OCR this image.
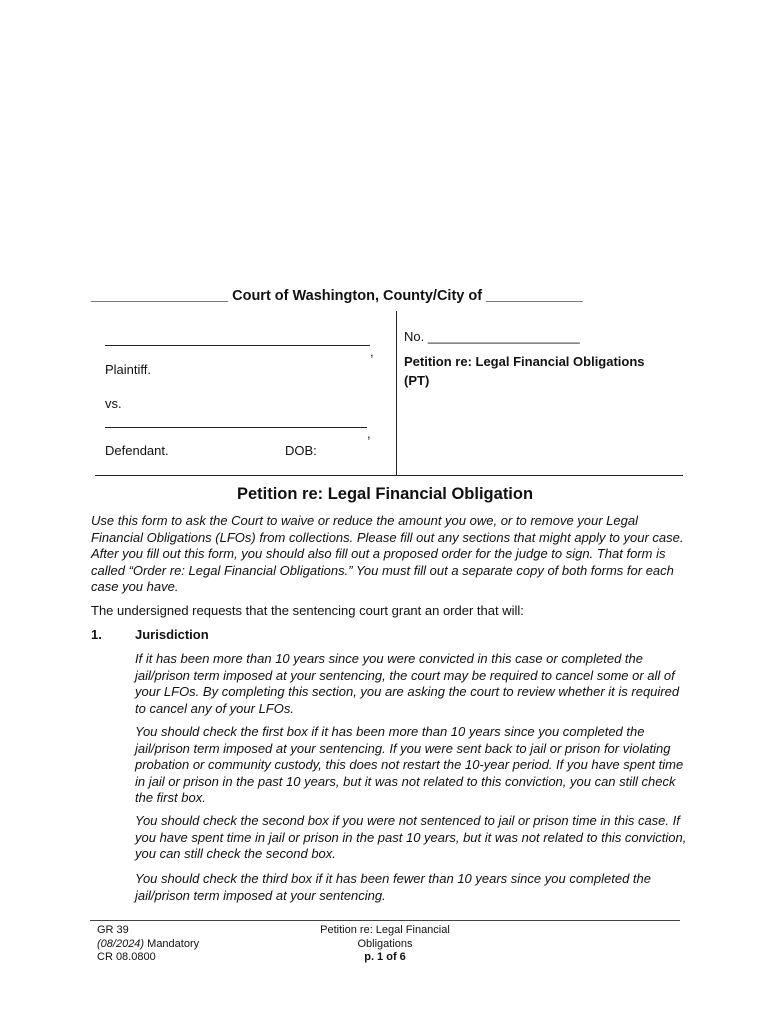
_________________ Court of Washington, County/City of ____________
,
Plaintiff.
vs.
,
Defendant.	DOB:
No. _____________________
Petition re: Legal Financial Obligations
(PT)
Petition re: Legal Financial Obligation
Use this form to ask the Court to waive or reduce the amount you owe, or to remove your Legal Financial Obligations (LFOs) from collections. Please fill out any sections that might apply to your case. After you fill out this form, you should also fill out a proposed order for the judge to sign. That form is called “Order re: Legal Financial Obligations.” You must fill out a separate copy of both forms for each case you have.
The undersigned requests that the sentencing court grant an order that will:
1.	Jurisdiction
If it has been more than 10 years since you were convicted in this case or completed the jail/prison term imposed at your sentencing, the court may be required to cancel some or all of your LFOs. By completing this section, you are asking the court to review whether it is required to cancel any of your LFOs.
You should check the first box if it has been more than 10 years since you completed the jail/prison term imposed at your sentencing. If you were sent back to jail or prison for violating probation or community custody, this does not restart the 10-year period. If you have spent time in jail or prison in the past 10 years, but it was not related to this conviction, you can still check the first box.
You should check the second box if you were not sentenced to jail or prison time in this case. If you have spent time in jail or prison in the past 10 years, but it was not related to this conviction, you can still check the second box.
You should check the third box if it has been fewer than 10 years since you completed the jail/prison term imposed at your sentencing.
GR 39
(08/2024) Mandatory
CR 08.0800
Petition re: Legal Financial
Obligations
p. 1 of 6
